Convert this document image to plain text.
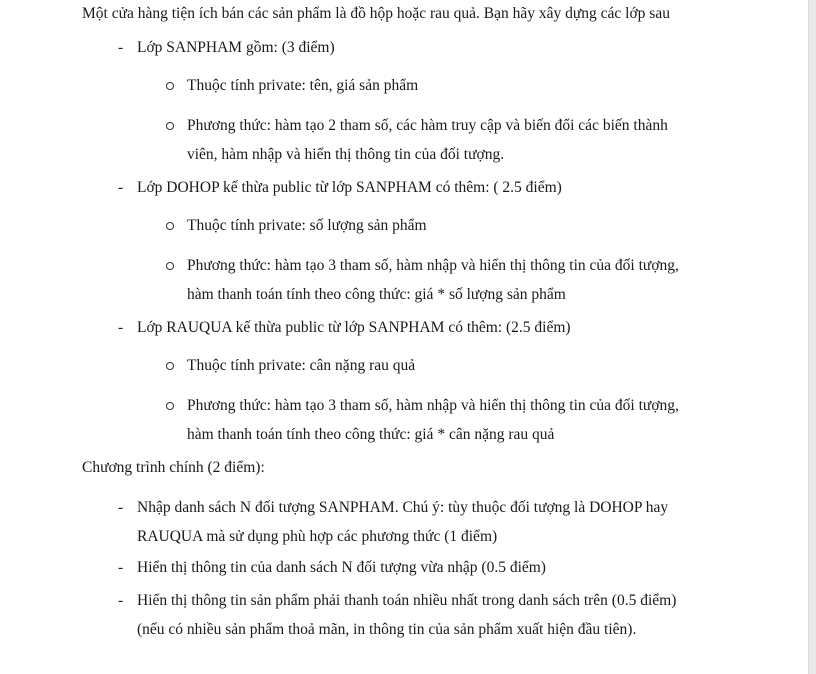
Một cửa hàng tiện ích bán các sản phẩm là đồ hộp hoặc rau quả. Bạn hãy xây dựng các lớp sau
- Lớp SANPHAM gồm: (3 điểm)
Thuộc tính private: tên, giá sản phẩm
Phương thức: hàm tạo 2 tham số, các hàm truy cập và biến đổi các biến thành
viên, hàm nhập và hiển thị thông tin của đối tượng.
- Lớp DOHOP kế thừa public từ lớp SANPHAM có thêm: ( 2.5 điểm)
Thuộc tính private: số lượng sản phẩm
Phương thức: hàm tạo 3 tham số, hàm nhập và hiển thị thông tin của đối tượng,
hàm thanh toán tính theo công thức: giá * số lượng sản phẩm
- Lớp RAUQUA kế thừa public từ lớp SANPHAM có thêm: (2.5 điểm)
Thuộc tính private: cân nặng rau quả
Phương thức: hàm tạo 3 tham số, hàm nhập và hiển thị thông tin của đối tượng,
hàm thanh toán tính theo công thức: giá * cân nặng rau quả
Chương trình chính (2 điểm):
- Nhập danh sách N đối tượng SANPHAM. Chú ý: tùy thuộc đối tượng là DOHOP hay
RAUQUA mà sử dụng phù hợp các phương thức (1 điểm)
- Hiển thị thông tin của danh sách N đối tượng vừa nhập (0.5 điểm)
- Hiển thị thông tin sản phẩm phải thanh toán nhiều nhất trong danh sách trên (0.5 điểm)
(nếu có nhiều sản phẩm thoả mãn, in thông tin của sản phẩm xuất hiện đầu tiên).
